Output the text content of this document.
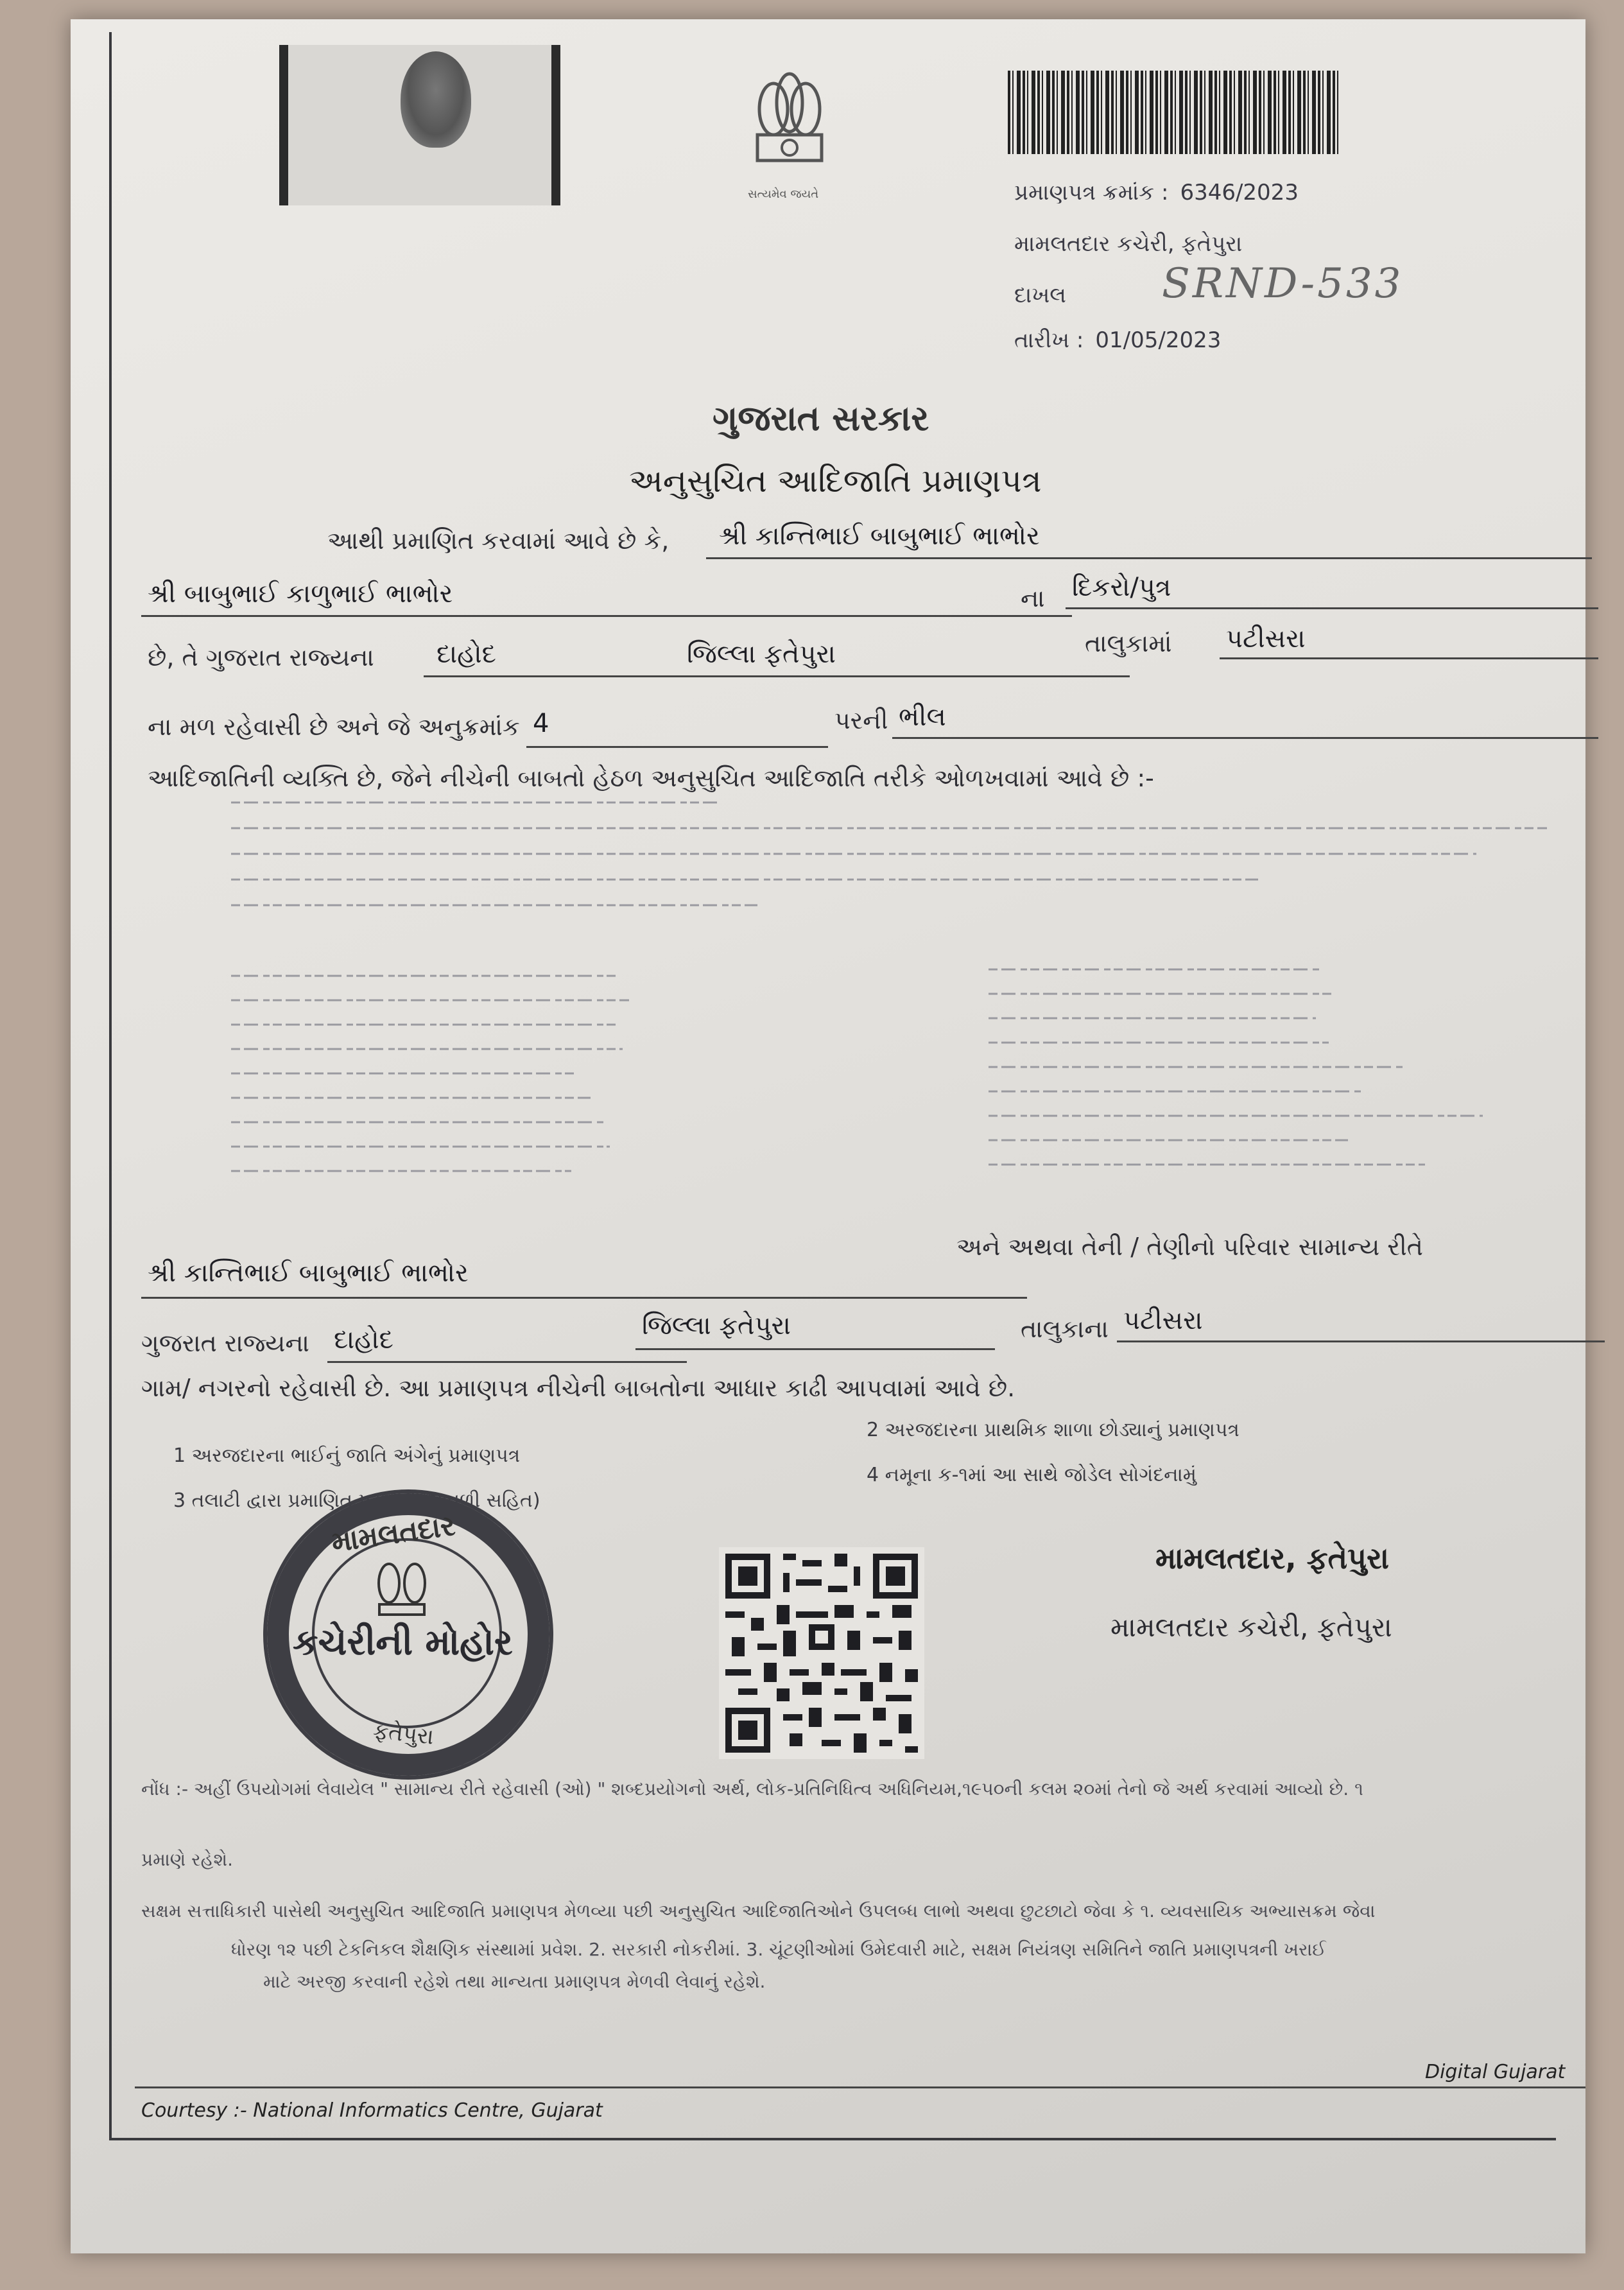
સત્યમેવ જયતે	પ્રમાણપત્ર ક્રમાંક : 6346/2023
મામલતદાર કચેરી, ફતેપુરા
દાખલ SRND-533
તારીખ : 01/05/2023
ગુજરાત સરકાર
અનુસુચિત આદિજાતિ પ્રમાણપત્ર
આથી પ્રમાણિત કરવામાં આવે છે કે, શ્રી કાન્તિભાઈ બાબુભાઈ ભાભોર
શ્રી બાબુભાઈ કાળુભાઈ ભાભોર	ના દિકરો/પુત્ર
છે, તે ગુજરાત રાજ્યના દાહોદ	જિલ્લા ફતેપુરા	તાલુકામાં પટીસરા
ના મળ રહેવાસી છે અને જે અનુક્રમાંક 4	પરની ભીલ
આદિજાતિની વ્યક્તિ છે, જેને નીચેની બાબતો હેઠળ અનુસુચિત આદિજાતિ તરીકે ઓળખવામાં આવે છે :-
અને અથવા તેની / તેણીનો પરિવાર સામાન્ય રીતે
શ્રી કાન્તિભાઈ બાબુભાઈ ભાભોર
ગુજરાત રાજ્યના દાહોદ	જિલ્લા ફતેપુરા	તાલુકાના પટીસરા
ગામ/ નગરનો રહેવાસી છે. આ પ્રમાણપત્ર નીચેની બાબતોના આધાર કાઢી આપવામાં આવે છે.
1 અરજદારના ભાઈનું જાતિ અંગેનું પ્રમાણપત્ર
2 અરજદારના પ્રાથમિક શાળા છોડ્યાનું પ્રમાણપત્ર
3 તલાટી દ્વારા પ્રમાણિત પુરાવા (વંશાવળી સહિત)
4 નમૂના ક-૧માં આ સાથે જોડેલ સોગંદનામું
મામલતદાર
કચેરીની મોહોર
ફતેપુરા
મામલતદાર, ફતેપુરા
મામલતદાર કચેરી, ફતેપુરા
નોંધ :- અહીં ઉપયોગમાં લેવાયેલ " સામાન્ય રીતે રહેવાસી (ઓ) " શબ્દપ્રયોગનો અર્થ, લોક-પ્રતિનિધિત્વ અધિનિયમ,૧૯૫૦ની કલમ ૨૦માં તેનો જે અર્થ કરવામાં આવ્યો છે. ૧
પ્રમાણે રહેશે.
સક્ષમ સત્તાધિકારી પાસેથી અનુસુચિત આદિજાતિ પ્રમાણપત્ર મેળવ્યા પછી અનુસુચિત આદિજાતિઓને ઉપલબ્ધ લાભો અથવા છુટછાટો જેવા કે ૧. વ્યવસાયિક અભ્યાસક્રમ જેવા
ધોરણ ૧૨ પછી ટેકનિકલ શૈક્ષણિક સંસ્થામાં પ્રવેશ. 2. સરકારી નોકરીમાં. 3. ચૂંટણીઓમાં ઉમેદવારી માટે, સક્ષમ નિયંત્રણ સમિતિને જાતિ પ્રમાણપત્રની ખરાઈ
માટે અરજી કરવાની રહેશે તથા માન્યતા પ્રમાણપત્ર મેળવી લેવાનું રહેશે.
Courtesy :- National Informatics Centre, Gujarat
Digital Gujarat
